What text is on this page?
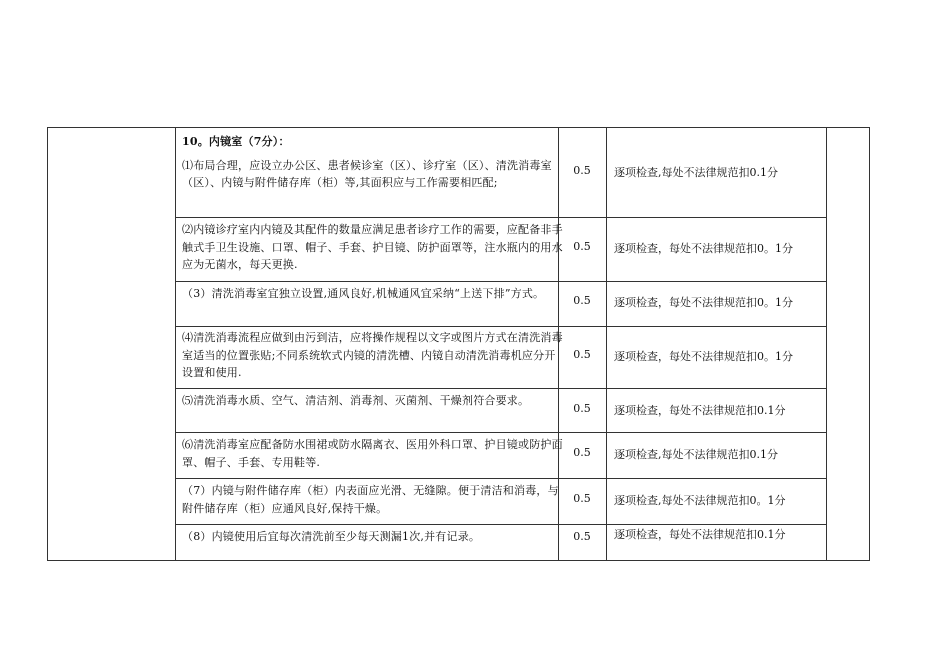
10。内镜室（7分）：
⑴布局合理，应设立办公区、患者候诊室（区）、诊疗室（区）、清洗消毒室（区）、内镜与附件储存库（柜）等,其面积应与工作需要相匹配;
0.5	逐项检查,每处不法律规范扣0.1分
⑵内镜诊疗室内内镜及其配件的数量应满足患者诊疗工作的需要，应配备非手触式手卫生设施、口罩、帽子、手套、护目镜、防护面罩等，注水瓶内的用水应为无菌水，每天更换.
0.5	逐项检查，每处不法律规范扣0。1分
（3）清洗消毒室宜独立设置,通风良好,机械通风宜采纳“上送下排”方式。
0.5	逐项检查，每处不法律规范扣0。1分
⑷清洗消毒流程应做到由污到洁，应将操作规程以文字或图片方式在清洗消毒室适当的位置张贴;不同系统软式内镜的清洗槽、内镜自动清洗消毒机应分开设置和使用.
0.5	逐项检查，每处不法律规范扣0。1分
⑸清洗消毒水质、空气、清洁剂、消毒剂、灭菌剂、干燥剂符合要求。
0.5	逐项检查，每处不法律规范扣0.1分
⑹清洗消毒室应配备防水围裙或防水隔离衣、医用外科口罩、护目镜或防护面罩、帽子、手套、专用鞋等.
0.5	逐项检查,每处不法律规范扣0.1分
（7）内镜与附件储存库（柜）内表面应光滑、无缝隙。便于清洁和消毒，与附件储存库（柜）应通风良好,保持干燥。
0.5	逐项检查,每处不法律规范扣0。1分
（8）内镜使用后宜每次清洗前至少每天测漏1次,并有记录。	0.5	逐项检查，每处不法律规范扣0.1分
